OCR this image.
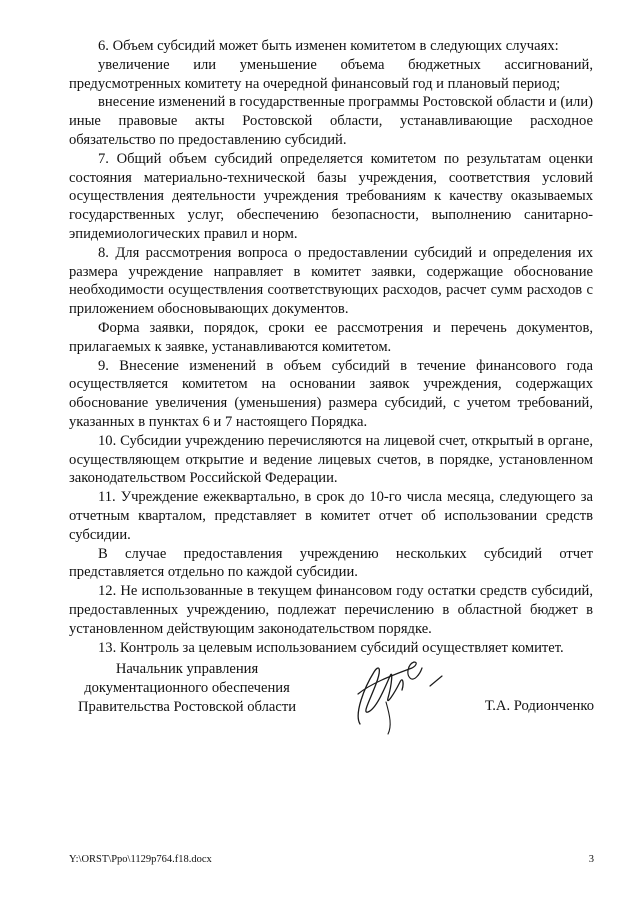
6. Объем субсидий может быть изменен комитетом в следующих случаях:

увеличение или уменьшение объема бюджетных ассигнований, предусмотренных комитету на очередной финансовый год и плановый период;

внесение изменений в государственные программы Ростовской области и (или) иные правовые акты Ростовской области, устанавливающие расходное обязательство по предоставлению субсидий.

7. Общий объем субсидий определяется комитетом по результатам оценки состояния материально-технической базы учреждения, соответствия условий осуществления деятельности учреждения требованиям к качеству оказываемых государственных услуг, обеспечению безопасности, выполнению санитарно-эпидемиологических правил и норм.

8. Для рассмотрения вопроса о предоставлении субсидий и определения их размера учреждение направляет в комитет заявки, содержащие обоснование необходимости осуществления соответствующих расходов, расчет сумм расходов с приложением обосновывающих документов.

Форма заявки, порядок, сроки ее рассмотрения и перечень документов, прилагаемых к заявке, устанавливаются комитетом.

9. Внесение изменений в объем субсидий в течение финансового года осуществляется комитетом на основании заявок учреждения, содержащих обоснование увеличения (уменьшения) размера субсидий, с учетом требований, указанных в пунктах 6 и 7 настоящего Порядка.

10. Субсидии учреждению перечисляются на лицевой счет, открытый в органе, осуществляющем открытие и ведение лицевых счетов, в порядке, установленном законодательством Российской Федерации.

11. Учреждение ежеквартально, в срок до 10-го числа месяца, следующего за отчетным кварталом, представляет в комитет отчет об использовании средств субсидии.

В случае предоставления учреждению нескольких субсидий отчет представляется отдельно по каждой субсидии.

12. Не использованные в текущем финансовом году остатки средств субсидий, предоставленных учреждению, подлежат перечислению в областной бюджет в установленном действующим законодательством порядке.

13. Контроль за целевым использованием субсидий осуществляет комитет.

Начальник управления
документационного обеспечения
Правительства Ростовской области	Т.А. Родионченко
Y:\ORST\Ppo\1129p764.f18.docx	3
